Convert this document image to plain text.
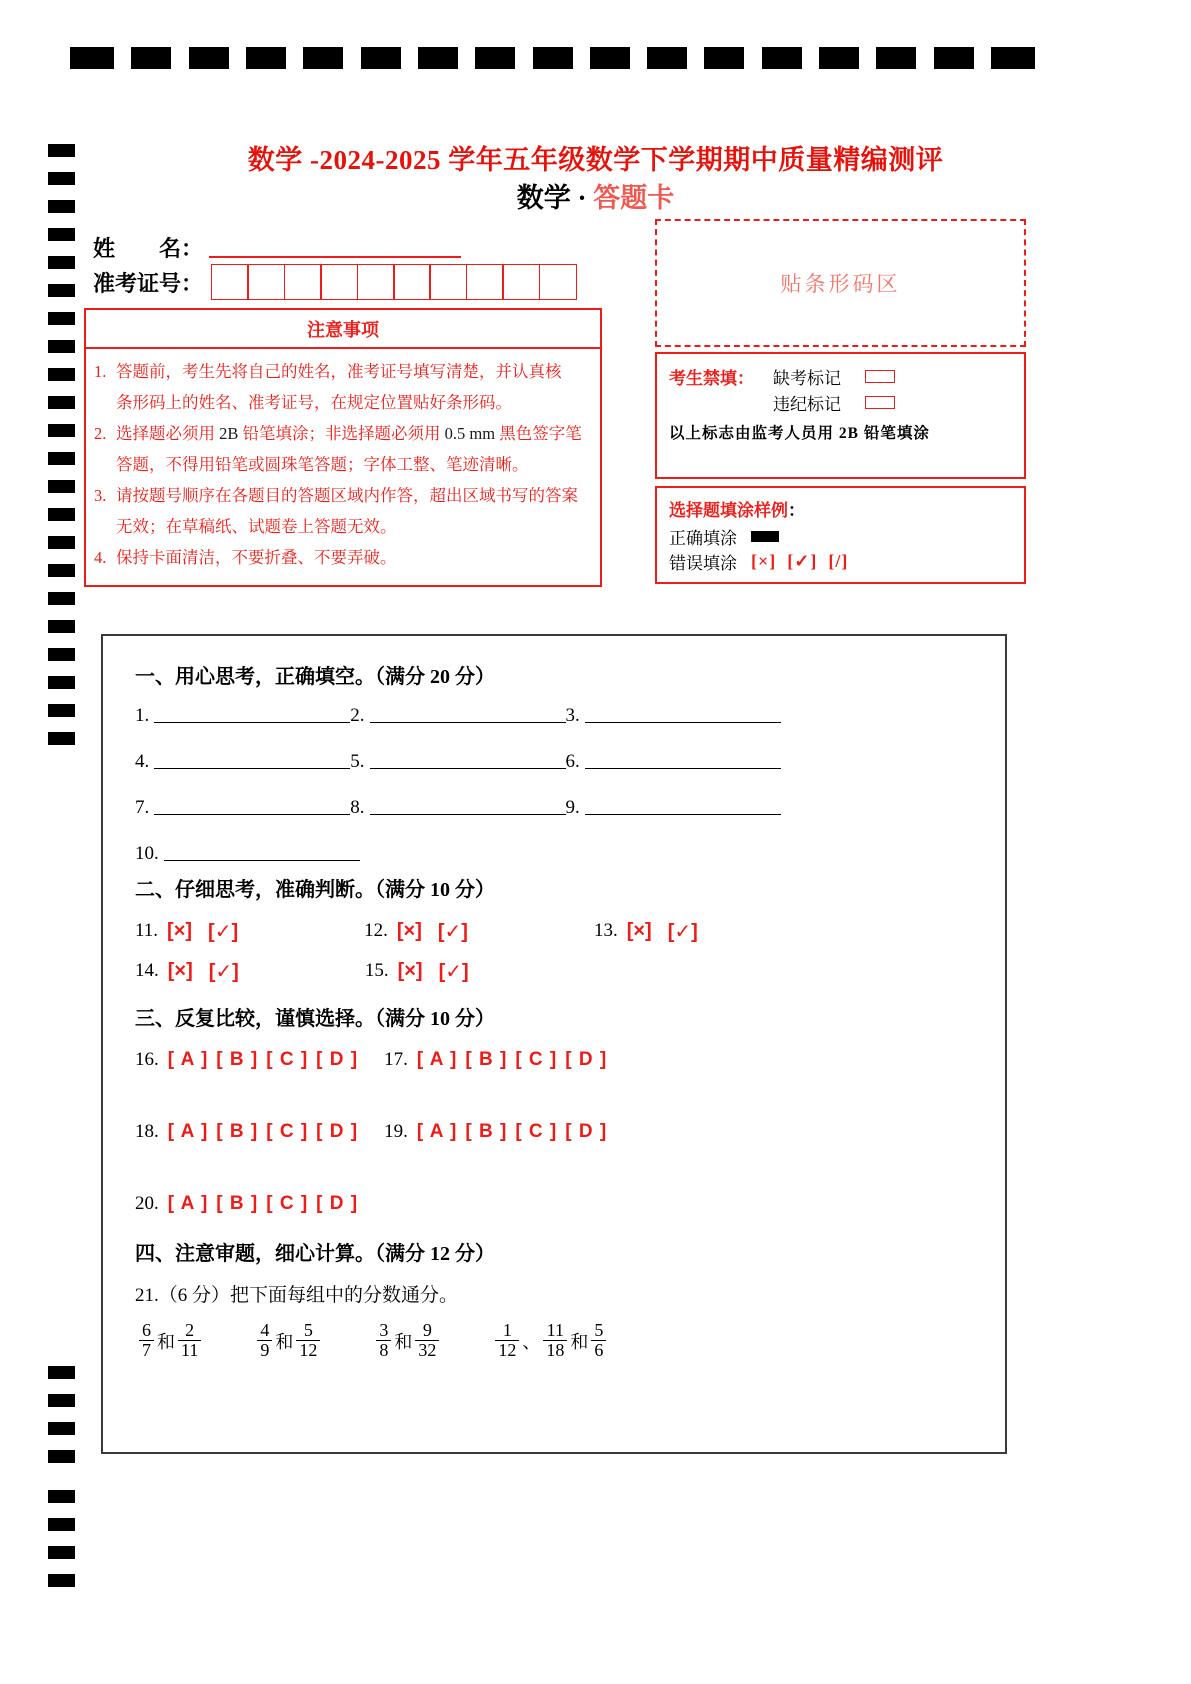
数学 -2024-2025 学年五年级数学下学期期中质量精编测评
数学 · 答题卡
姓　　名：
准考证号：
注意事项
1. 答题前，考生先将自己的姓名，准考证号填写清楚，并认真核
条形码上的姓名、准考证号，在规定位置贴好条形码。
2. 选择题必须用 2B 铅笔填涂；非选择题必须用 0.5 mm 黑色签字笔
答题，不得用铅笔或圆珠笔答题；字体工整、笔迹清晰。
3. 请按题号顺序在各题目的答题区域内作答，超出区域书写的答案
无效；在草稿纸、试题卷上答题无效。
4. 保持卡面清洁，不要折叠、不要弄破。
贴条形码区
考生禁填：	缺考标记
违纪标记
以上标志由监考人员用 2B 铅笔填涂
选择题填涂样例：
正确填涂
错误填涂 [×] [✓] [/]
一、用心思考，正确填空。（满分 20 分）
1.	2.	3.
4.	5.	6.
7.	8.	9.
10.
二、仔细思考，准确判断。（满分 10 分）
11. [×] [✓]	12. [×] [✓]	13. [×] [✓]
14. [×] [✓]	15. [×] [✓]
三、反复比较，谨慎选择。（满分 10 分）
16. [ A ] [ B ] [ C ] [ D ] 17. [ A ] [ B ] [ C ] [ D ]
18. [ A ] [ B ] [ C ] [ D ] 19. [ A ] [ B ] [ C ] [ D ]
20. [ A ] [ B ] [ C ] [ D ]
四、注意审题，细心计算。（满分 12 分）
21.（6 分）把下面每组中的分数通分。
$\frac{6}{7}$ 和 $\frac{2}{11}$	$\frac{4}{9}$ 和 $\frac{5}{12}$	$\frac{3}{8}$ 和 $\frac{9}{32}$	$\frac{1}{12}$ 、 $\frac{11}{18}$ 和 $\frac{5}{6}$
